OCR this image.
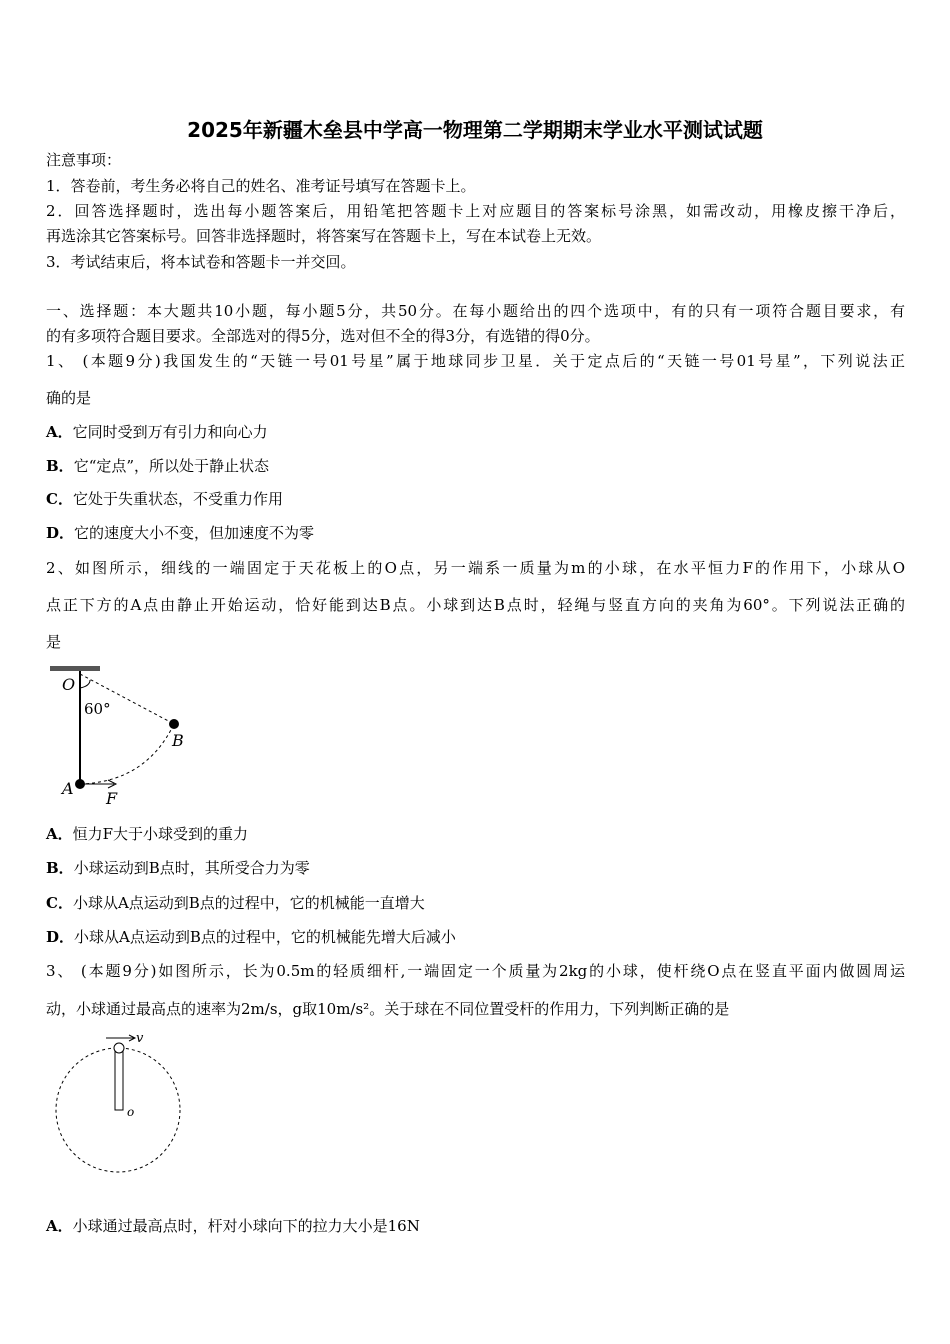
2025年新疆木垒县中学高一物理第二学期期末学业水平测试试题
注意事项：
1．答卷前，考生务必将自己的姓名、准考证号填写在答题卡上。
2．回答选择题时，选出每小题答案后，用铅笔把答题卡上对应题目的答案标号涂黑，如需改动，用橡皮擦干净后，
再选涂其它答案标号。回答非选择题时，将答案写在答题卡上，写在本试卷上无效。
3．考试结束后，将本试卷和答题卡一并交回。
一、选择题：本大题共10小题，每小题5分，共50分。在每小题给出的四个选项中，有的只有一项符合题目要求，有
的有多项符合题目要求。全部选对的得5分，选对但不全的得3分，有选错的得0分。
1、 (本题9分)我国发生的“天链一号01号星”属于地球同步卫星．关于定点后的“天链一号01号星”，下列说法正
确的是
A．它同时受到万有引力和向心力
B．它“定点”，所以处于静止状态
C．它处于失重状态，不受重力作用
D．它的速度大小不变，但加速度不为零
2、如图所示，细线的一端固定于天花板上的O点，另一端系一质量为m的小球，在水平恒力F的作用下，小球从O
点正下方的A点由静止开始运动，恰好能到达B点。小球到达B点时，轻绳与竖直方向的夹角为60°。下列说法正确的
是
O
60°
B
A
F
A．恒力F大于小球受到的重力
B．小球运动到B点时，其所受合力为零
C．小球从A点运动到B点的过程中，它的机械能一直增大
D．小球从A点运动到B点的过程中，它的机械能先增大后减小
3、 (本题9分)如图所示，长为0.5m的轻质细杆,一端固定一个质量为2kg的小球，使杆绕O点在竖直平面内做圆周运
动，小球通过最高点的速率为2m/s，g取10m/s²。关于球在不同位置受杆的作用力，下列判断正确的是
v
o
A．小球通过最高点时，杆对小球向下的拉力大小是16N
